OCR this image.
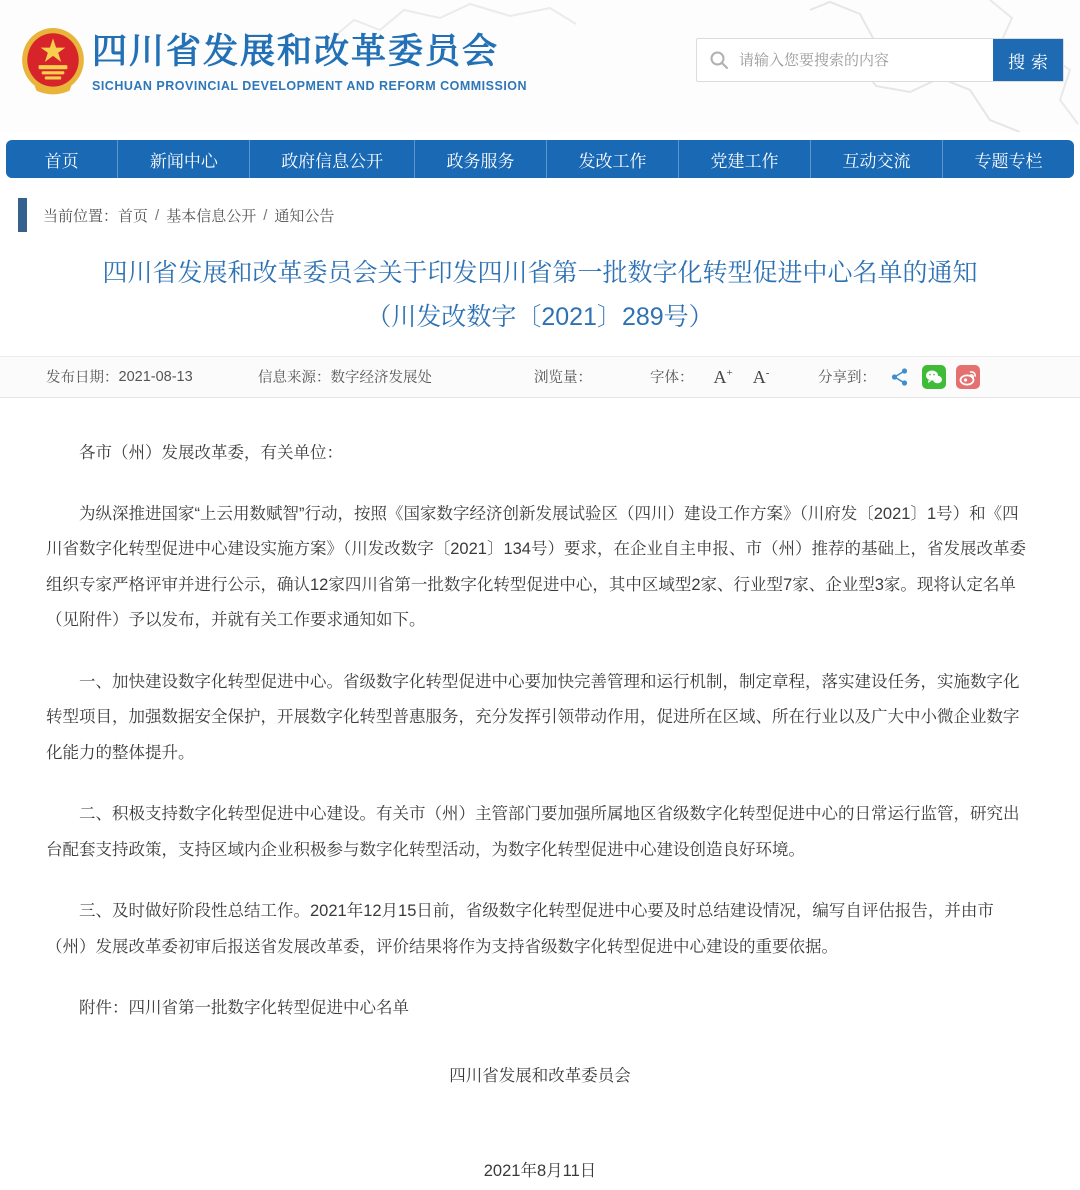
四川省发展和改革委员会
SICHUAN PROVINCIAL DEVELOPMENT AND REFORM COMMISSION
请输入您要搜索的内容
搜索
首页	新闻中心	政府信息公开	政务服务	发改工作	党建工作	互动交流	专题专栏
当前位置： 首页 / 基本信息公开 / 通知公告
四川省发展和改革委员会关于印发四川省第一批数字化转型促进中心名单的通知
（川发改数字〔2021〕289号）
发布日期： 2021-08-13	信息来源： 数字经济发展处	浏览量：	字体： A+ A-	分享到：

各市（州）发展改革委，有关单位：

为纵深推进国家“上云用数赋智”行动，按照《国家数字经济创新发展试验区（四川）建设工作方案》（川府发〔2021〕1号）和《四川省数字化转型促进中心建设实施方案》（川发改数字〔2021〕134号）要求，在企业自主申报、市（州）推荐的基础上，省发展改革委组织专家严格评审并进行公示，确认12家四川省第一批数字化转型促进中心，其中区域型2家、行业型7家、企业型3家。现将认定名单（见附件）予以发布，并就有关工作要求通知如下。

一、加快建设数字化转型促进中心。省级数字化转型促进中心要加快完善管理和运行机制，制定章程，落实建设任务，实施数字化转型项目，加强数据安全保护，开展数字化转型普惠服务，充分发挥引领带动作用，促进所在区域、所在行业以及广大中小微企业数字化能力的整体提升。

二、积极支持数字化转型促进中心建设。有关市（州）主管部门要加强所属地区省级数字化转型促进中心的日常运行监管，研究出台配套支持政策，支持区域内企业积极参与数字化转型活动，为数字化转型促进中心建设创造良好环境。

三、及时做好阶段性总结工作。2021年12月15日前，省级数字化转型促进中心要及时总结建设情况，编写自评估报告，并由市（州）发展改革委初审后报送省发展改革委，评价结果将作为支持省级数字化转型促进中心建设的重要依据。

附件：四川省第一批数字化转型促进中心名单

四川省发展和改革委员会

2021年8月11日
